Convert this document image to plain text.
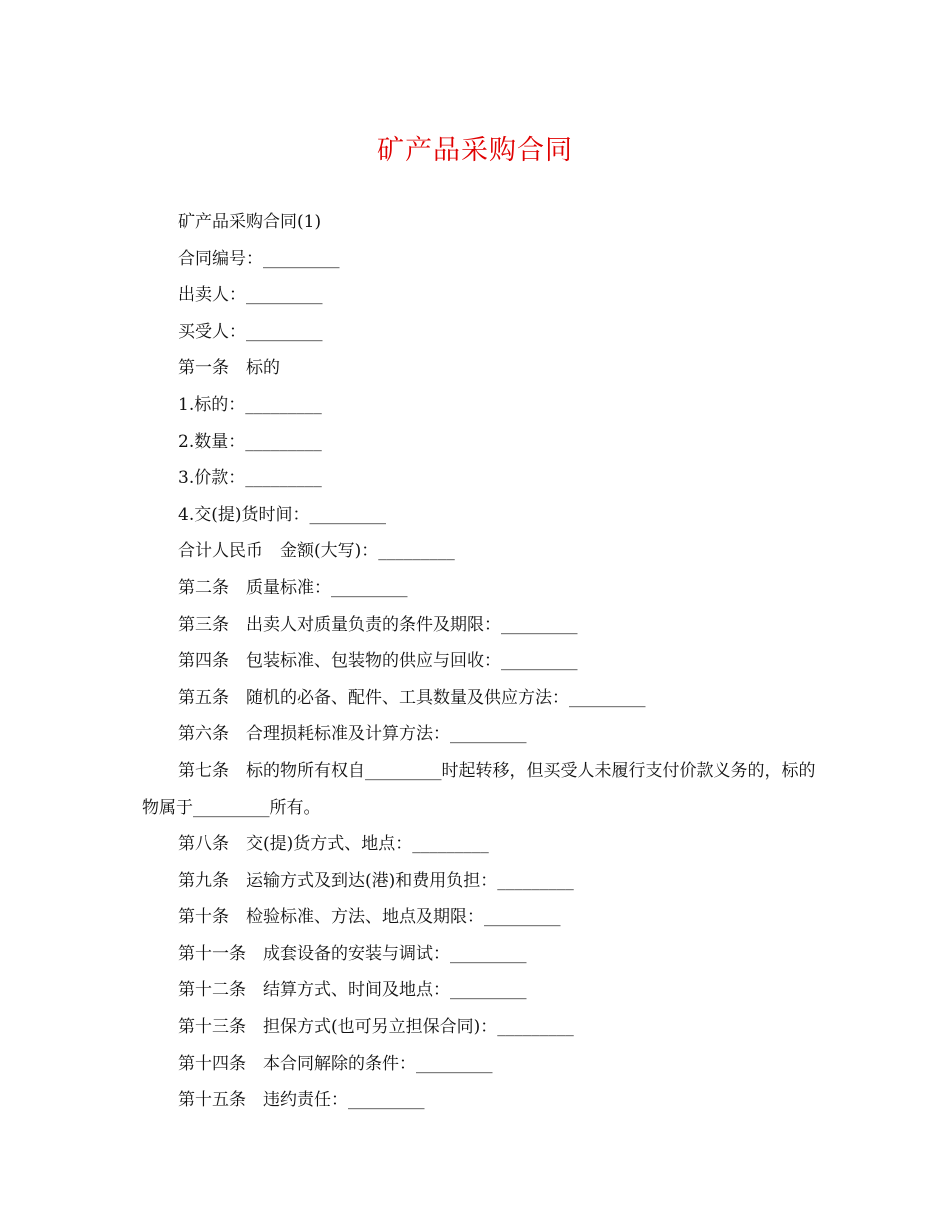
矿产品采购合同

矿产品采购合同(1)

合同编号：_________

出卖人：_________

买受人：_________

第一条　标的

1.标的：_________

2.数量：_________

3.价款：_________

4.交(提)货时间：_________

合计人民币　金额(大写)：_________

第二条　质量标准：_________

第三条　出卖人对质量负责的条件及期限：_________

第四条　包装标准、包装物的供应与回收：_________

第五条　随机的必备、配件、工具数量及供应方法：_________

第六条　合理损耗标准及计算方法：_________

第七条　标的物所有权自_________时起转移，但买受人未履行支付价款义务的，标的物属于_________所有。

第八条　交(提)货方式、地点：_________

第九条　运输方式及到达(港)和费用负担：_________

第十条　检验标准、方法、地点及期限：_________

第十一条　成套设备的安装与调试：_________

第十二条　结算方式、时间及地点：_________

第十三条　担保方式(也可另立担保合同)：_________

第十四条　本合同解除的条件：_________

第十五条　违约责任：_________
